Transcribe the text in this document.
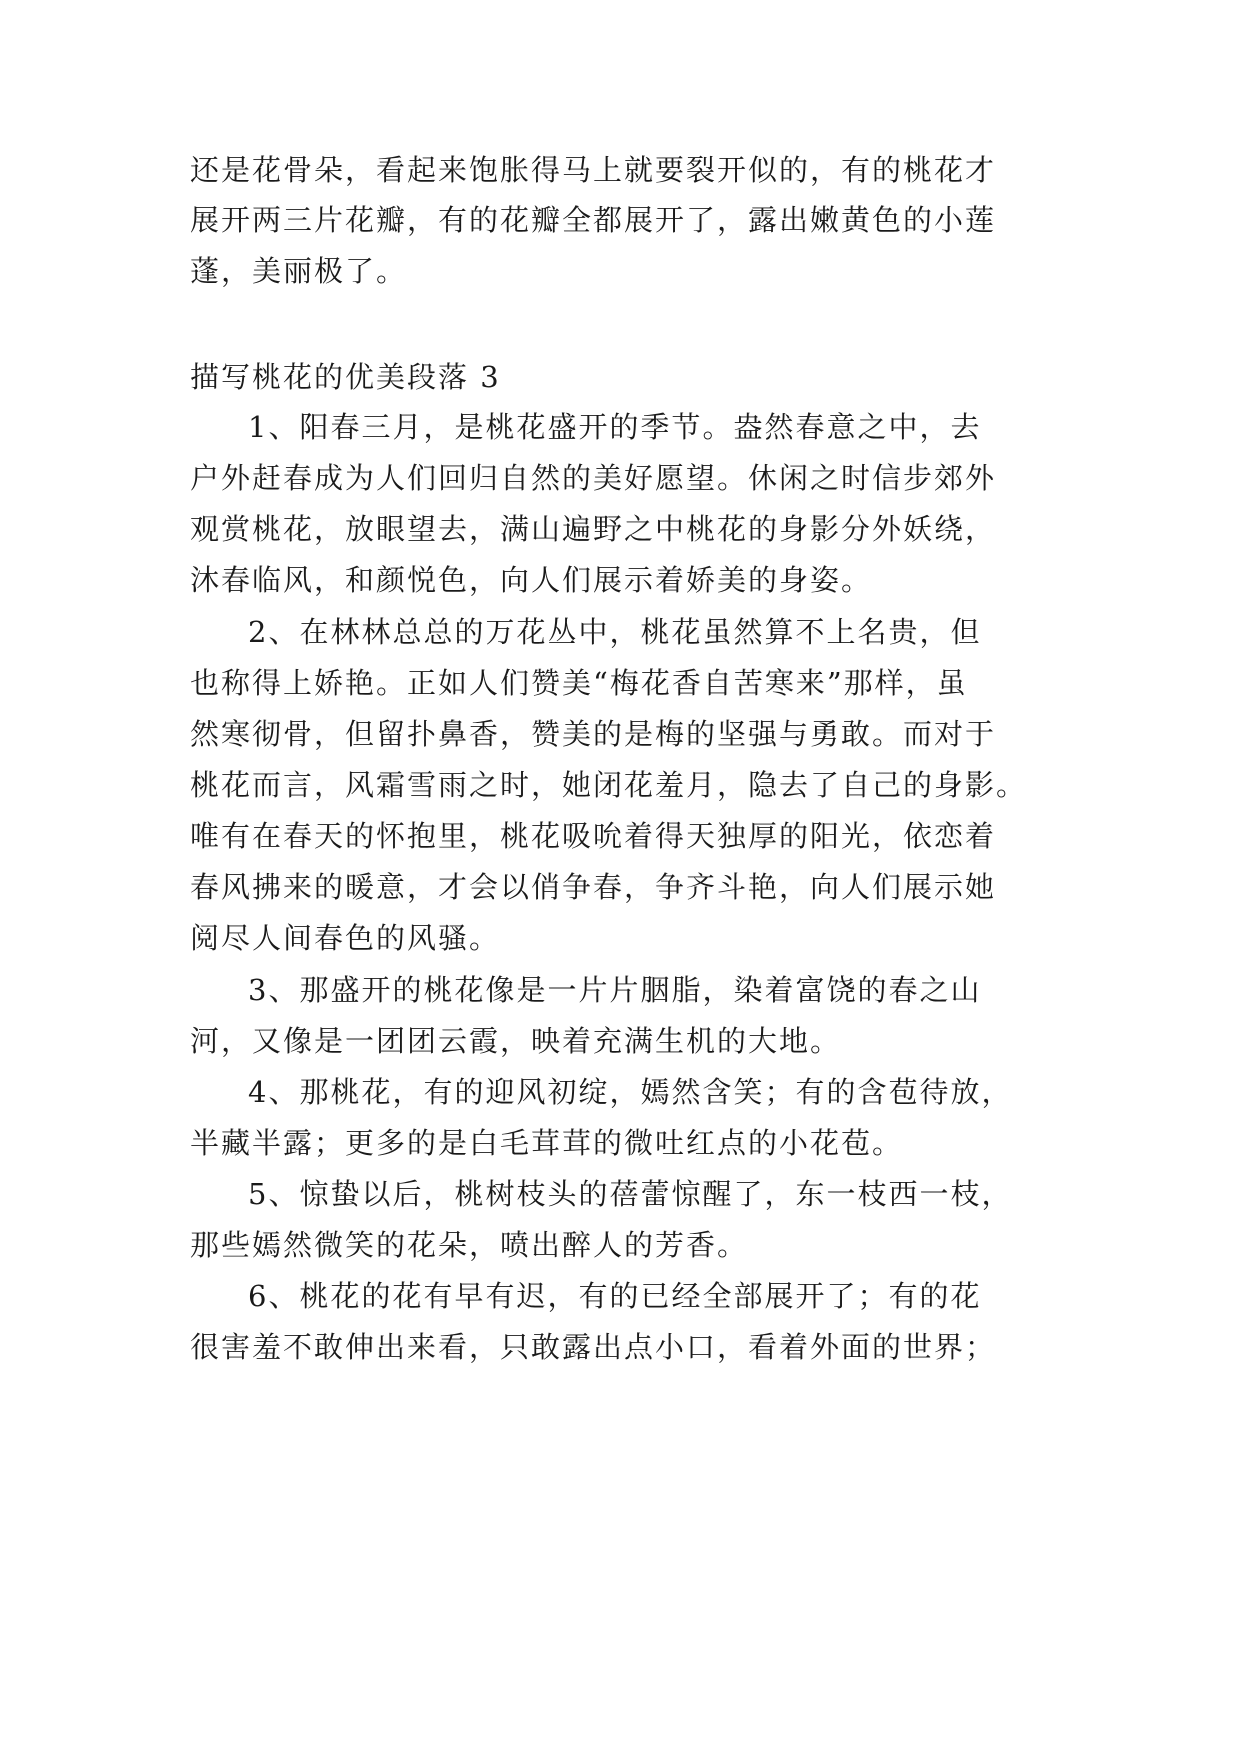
还是花骨朵，看起来饱胀得马上就要裂开似的，有的桃花才
展开两三片花瓣，有的花瓣全都展开了，露出嫩黄色的小莲
蓬，美丽极了。
描写桃花的优美段落 3
1、阳春三月，是桃花盛开的季节。盎然春意之中，去
户外赶春成为人们回归自然的美好愿望。休闲之时信步郊外
观赏桃花，放眼望去，满山遍野之中桃花的身影分外妖绕，
沐春临风，和颜悦色，向人们展示着娇美的身姿。
2、在林林总总的万花丛中，桃花虽然算不上名贵，但
也称得上娇艳。正如人们赞美“梅花香自苦寒来”那样，虽
然寒彻骨，但留扑鼻香，赞美的是梅的坚强与勇敢。而对于
桃花而言，风霜雪雨之时，她闭花羞月，隐去了自己的身影。
唯有在春天的怀抱里，桃花吸吮着得天独厚的阳光，依恋着
春风拂来的暖意，才会以俏争春，争齐斗艳，向人们展示她
阅尽人间春色的风骚。
3、那盛开的桃花像是一片片胭脂，染着富饶的春之山
河，又像是一团团云霞，映着充满生机的大地。
4、那桃花，有的迎风初绽，嫣然含笑；有的含苞待放，
半藏半露；更多的是白毛茸茸的微吐红点的小花苞。
5、惊蛰以后，桃树枝头的蓓蕾惊醒了，东一枝西一枝，
那些嫣然微笑的花朵，喷出醉人的芳香。
6、桃花的花有早有迟，有的已经全部展开了；有的花
很害羞不敢伸出来看，只敢露出点小口，看着外面的世界；
